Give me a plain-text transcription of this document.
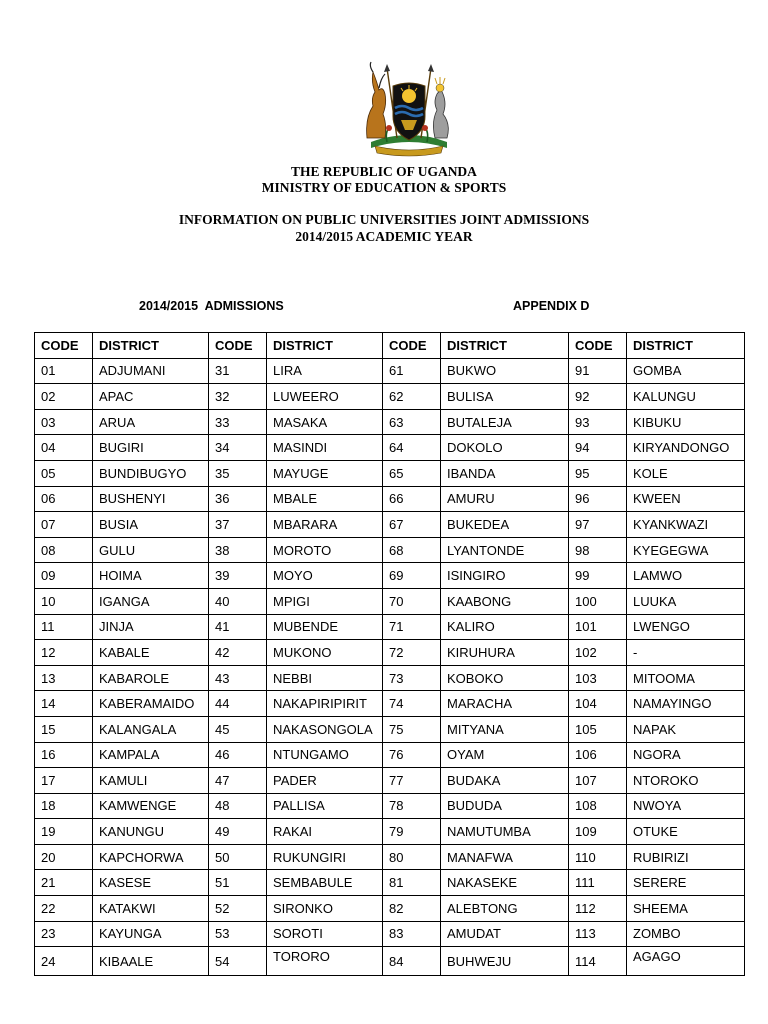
THE REPUBLIC OF UGANDA
MINISTRY OF EDUCATION & SPORTS
INFORMATION ON PUBLIC UNIVERSITIES JOINT ADMISSIONS
2014/2015 ACADEMIC YEAR
2014/2015  ADMISSIONS	APPENDIX D
CODE	DISTRICT	CODE	DISTRICT	CODE	DISTRICT	CODE	DISTRICT
01	ADJUMANI	31	LIRA	61	BUKWO	91	GOMBA
02	APAC	32	LUWEERO	62	BULISA	92	KALUNGU
03	ARUA	33	MASAKA	63	BUTALEJA	93	KIBUKU
04	BUGIRI	34	MASINDI	64	DOKOLO	94	KIRYANDONGO
05	BUNDIBUGYO	35	MAYUGE	65	IBANDA	95	KOLE
06	BUSHENYI	36	MBALE	66	AMURU	96	KWEEN
07	BUSIA	37	MBARARA	67	BUKEDEA	97	KYANKWAZI
08	GULU	38	MOROTO	68	LYANTONDE	98	KYEGEGWA
09	HOIMA	39	MOYO	69	ISINGIRO	99	LAMWO
10	IGANGA	40	MPIGI	70	KAABONG	100	LUUKA
11	JINJA	41	MUBENDE	71	KALIRO	101	LWENGO
12	KABALE	42	MUKONO	72	KIRUHURA	102	-
13	KABAROLE	43	NEBBI	73	KOBOKO	103	MITOOMA
14	KABERAMAIDO	44	NAKAPIRIPIRIT	74	MARACHA	104	NAMAYINGO
15	KALANGALA	45	NAKASONGOLA	75	MITYANA	105	NAPAK
16	KAMPALA	46	NTUNGAMO	76	OYAM	106	NGORA
17	KAMULI	47	PADER	77	BUDAKA	107	NTOROKO
18	KAMWENGE	48	PALLISA	78	BUDUDA	108	NWOYA
19	KANUNGU	49	RAKAI	79	NAMUTUMBA	109	OTUKE
20	KAPCHORWA	50	RUKUNGIRI	80	MANAFWA	110	RUBIRIZI
21	KASESE	51	SEMBABULE	81	NAKASEKE	111	SERERE
22	KATAKWI	52	SIRONKO	82	ALEBTONG	112	SHEEMA
23	KAYUNGA	53	SOROTI	83	AMUDAT	113	ZOMBO
24	KIBAALE	54	TORORO	84	BUHWEJU	114	AGAGO
